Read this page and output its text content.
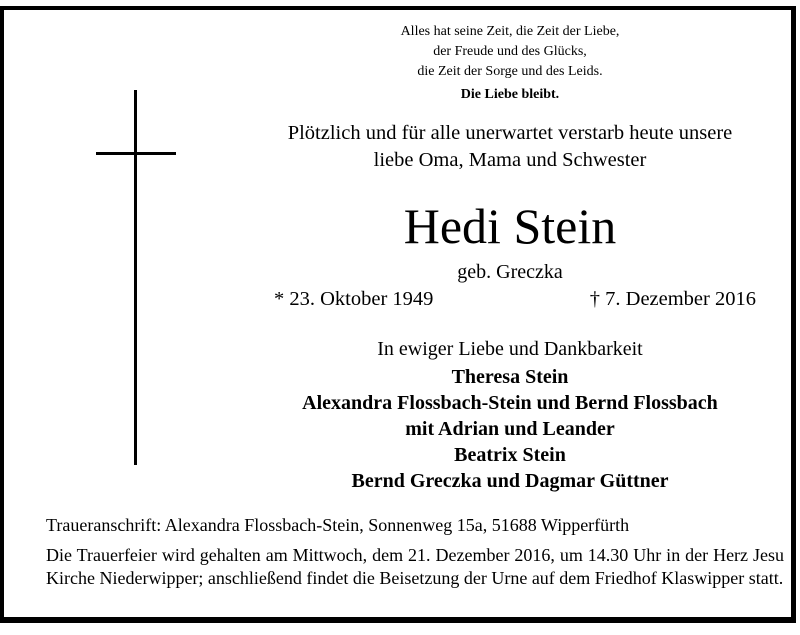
Alles hat seine Zeit, die Zeit der Liebe,
der Freude und des Glücks,
die Zeit der Sorge und des Leids.
Die Liebe bleibt.
Plötzlich und für alle unerwartet verstarb heute unsere
liebe Oma, Mama und Schwester
Hedi Stein
geb. Greczka
* 23. Oktober 1949	† 7. Dezember 2016
In ewiger Liebe und Dankbarkeit
Theresa Stein
Alexandra Flossbach-Stein und Bernd Flossbach
mit Adrian und Leander
Beatrix Stein
Bernd Greczka und Dagmar Güttner
Traueranschrift: Alexandra Flossbach-Stein, Sonnenweg 15a, 51688 Wipperfürth
Die Trauerfeier wird gehalten am Mittwoch, dem 21. Dezember 2016, um 14.30 Uhr in der Herz Jesu Kirche Niederwipper; anschließend findet die Beisetzung der Urne auf dem Friedhof Klaswipper statt.
